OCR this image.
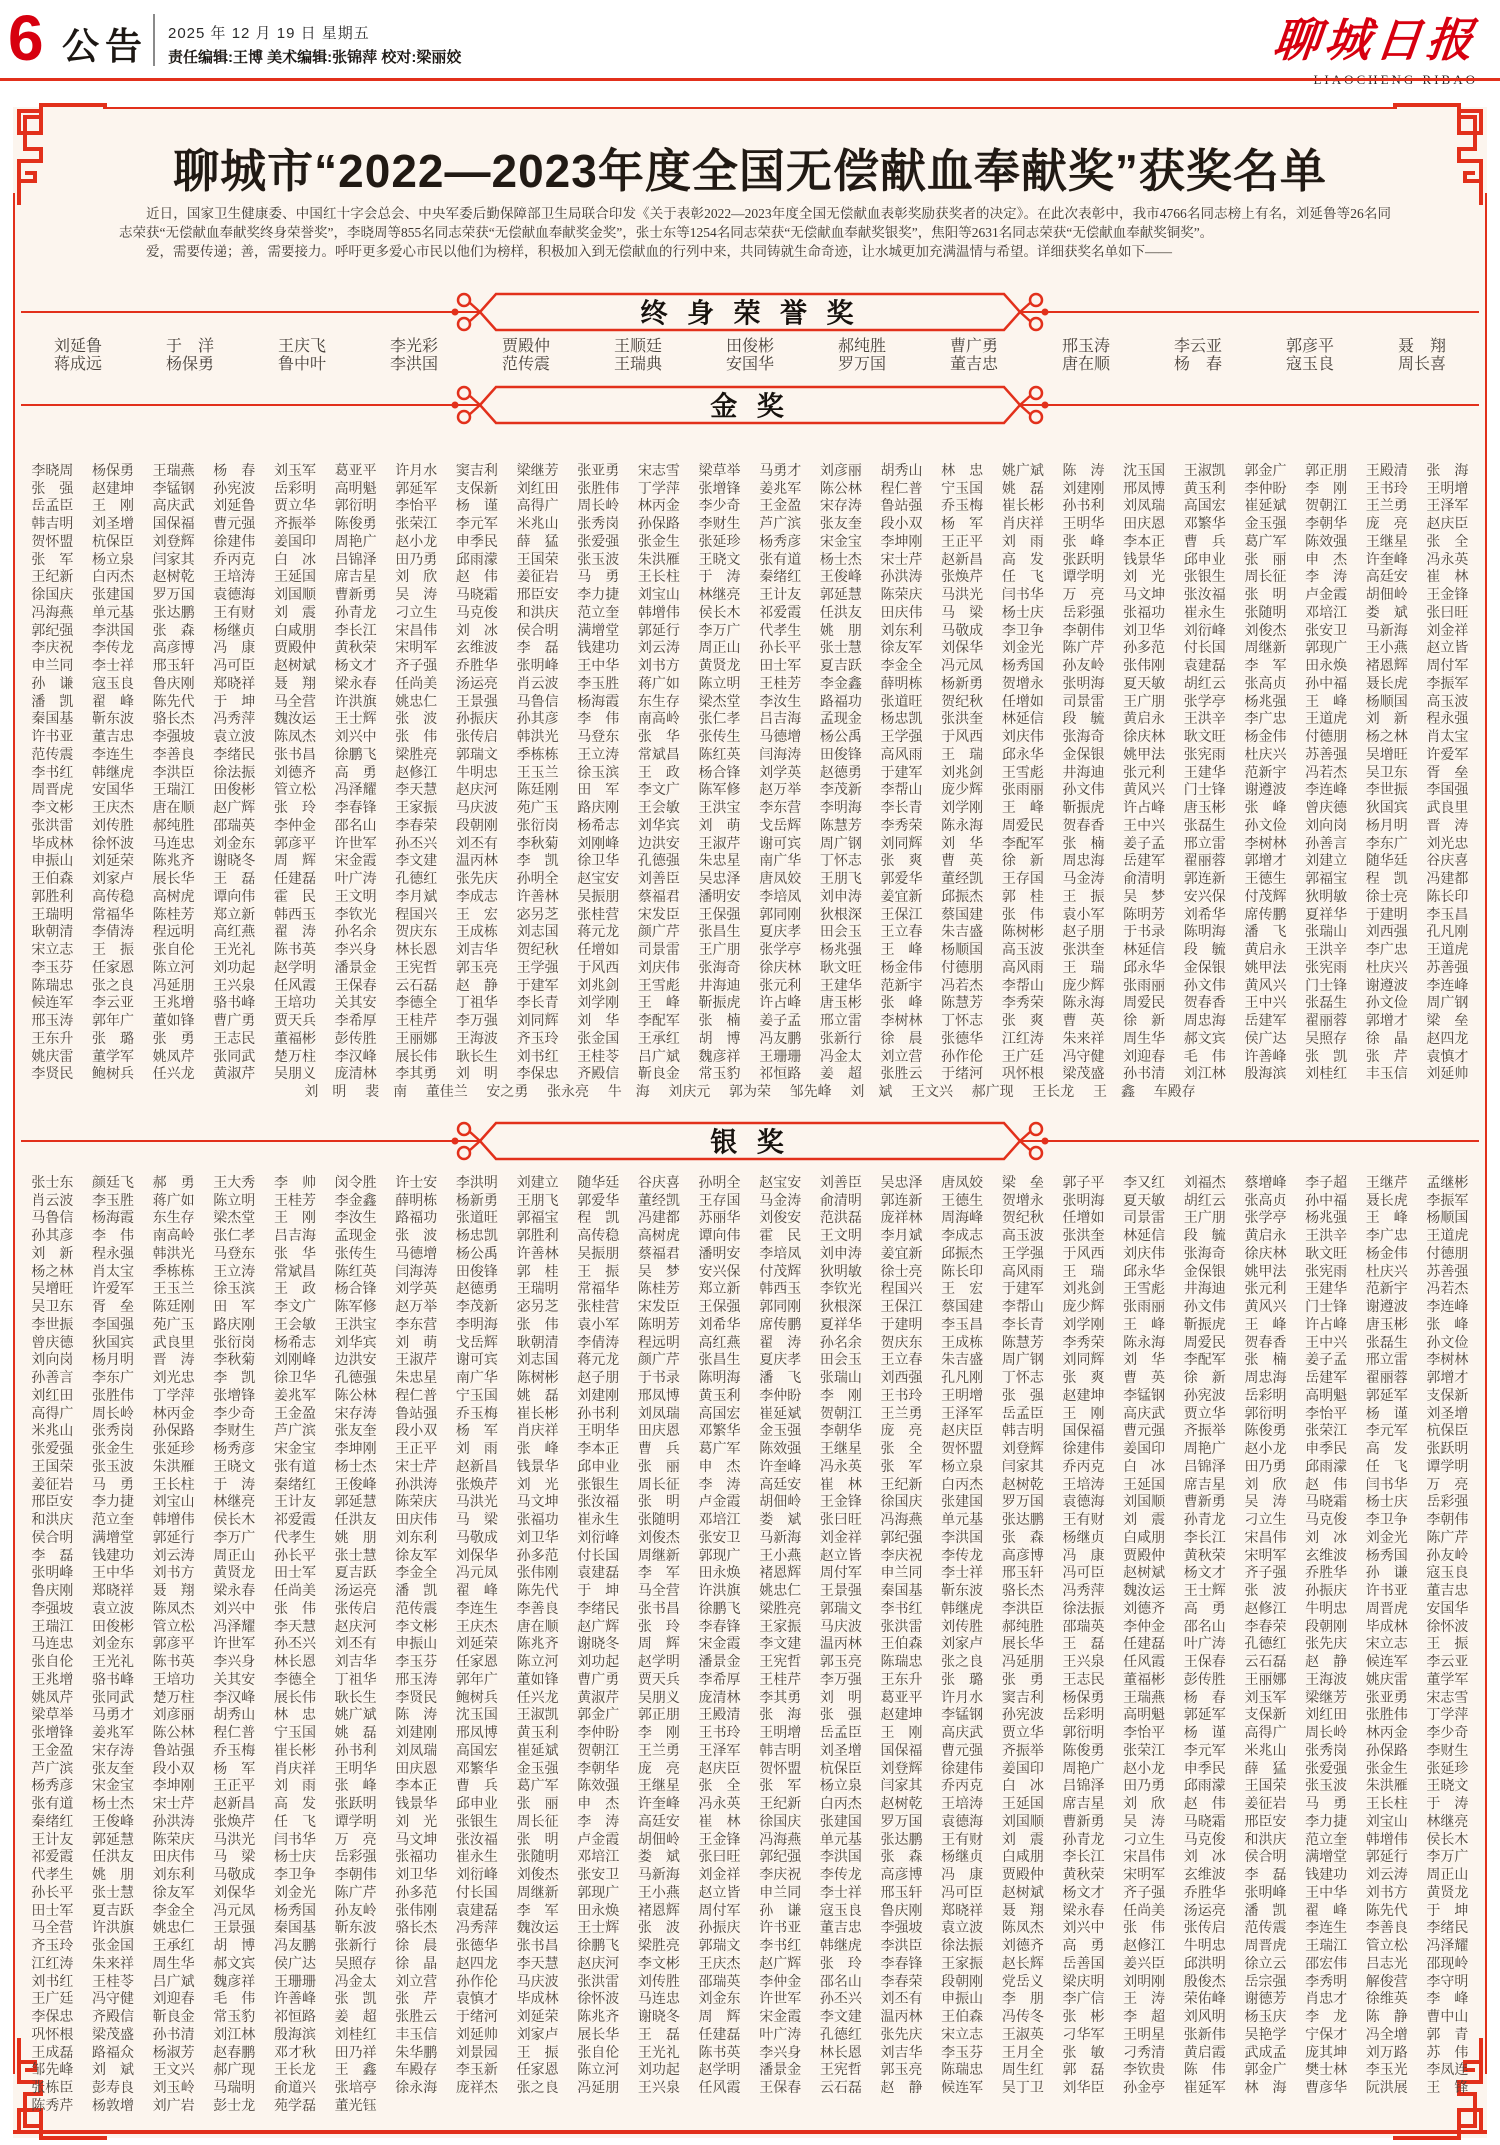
6 公告 2025 年 12 月 19 日 星期五
责任编辑:王博 美术编辑:张锦萍 校对:梁丽姣	聊城日报
聊城市“2022—2023年度全国无偿献血奉献奖”获奖名单

近日，国家卫生健康委、中国红十字会总会、中央军委后勤保障部卫生局联合印发《关于表彰2022—2023年度全国无偿献血表彰奖励获奖者的决定》。在此次表彰中，我市4766名同志榜上有名，刘延鲁等26名同志荣获“无偿献血奉献奖终身荣誉奖”，李晓周等855名同志荣获“无偿献血奉献奖金奖”，张士东等1254名同志荣获“无偿献血奉献奖银奖”，焦阳等2631名同志荣获“无偿献血奉献奖铜奖”。

爱，需要传递；善，需要接力。呼吁更多爱心市民以他们为榜样，积极加入到无偿献血的行列中来，共同铸就生命奇迹，让水城更加充满温情与希望。详细获奖名单如下——

终 身 荣 誉 奖
刘延鲁	于 洋	王庆飞	李光彩	贾殿仲	王顺廷	田俊彬	郝纯胜	曹广勇	邢玉涛	李云亚	郭彦平	聂 翔
蒋成远	杨保勇	鲁中叶	李洪国	范传震	王瑞典	安国华	罗万国	董吉忠	唐在顺	杨 春	寇玉良	周长喜
金 奖
李晓周 杨保勇 王瑞燕 杨 春 刘玉军 葛亚平 许月水 窦吉利 梁继芳 张亚勇 宋志雪 梁草举 马勇才 刘彦丽 胡秀山 林 忠 姚广斌 陈 涛 沈玉国 王淑凯 郭金广 郭正朋 王殿清 张 海
张 强 赵建坤 李锰钢 孙宪波 岳彩明 高明魁 郭延军 支保新 刘红田 张胜伟 丁学萍 张增锋 姜兆军 陈公林 程仁普 宁玉国 姚 磊 刘建刚 邢凤博 黄玉利 李仲盼 李 刚 王书玲 王明增
岳孟臣 王 刚 高庆武 刘延鲁 贾立华 郭衍明 李怡平 杨 谨 高得广 周长岭 林丙金 李少奇 王金盈 宋存涛 鲁站强 乔玉梅 崔长彬 孙书利 刘凤瑞 高国宏 崔延斌 贺朝江 王兰勇 王泽军
韩吉明 刘圣增 国保福 曹元强 齐振举 陈俊勇 张荣江 李元军 米兆山 张秀岗 孙保路 李财生 芦广滨 张友奎 段小双 杨 军 肖庆祥 王明华 田庆恩 邓繁华 金玉强 李朝华 庞 亮 赵庆臣
贺怀盟 杭保臣 刘登辉 徐建伟 姜国印 周艳广 赵小龙 申季民 薛 猛 张爱强 张金生 张延珍 杨秀彦 宋金宝 李坤刚 王正平 刘 雨 张 峰 李本正 曹 兵 葛广军 陈效强 王继星 张 全
张 军 杨立泉 闫家其 乔丙克 白 冰 吕锦泽 田乃勇 邱雨濛 王国荣 张玉波 朱洪雁 王晓文 张有道 杨士杰 宋士芹 赵新昌 高 发 张跃明 钱景华 邱申业 张 丽 申 杰 许奎峰 冯永英
王纪新 白丙杰 赵树乾 王培涛 王延国 席吉星 刘 欣 赵 伟 姜征岩 马 勇 王长柱 于 涛 秦绪红 王俊峰 孙洪涛 张焕芹 任 飞 谭学明 刘 光 张银生 周长征 李 涛 高廷安 崔 林
徐国庆 张建国 罗万国 袁德海 刘国顺 曹新勇 吴 涛 马晓霜 邢臣安 李力捷 刘宝山 林继亮 王计友 郭延慧 陈荣庆 马洪光 闫书华 万 亮 马文坤 张汝福 张 明 卢金霞 胡佃岭 王金锋
冯海燕 单元基 张达鹏 王有财 刘 震 孙青龙 刁立生 马克俊 和洪庆 范立奎 韩增伟 侯长木 祁爱霞 任洪友 田庆伟 马 梁 杨士庆 岳彩强 张福功 崔永生 张随明 邓培江 娄 斌 张曰旺
郭纪强 李洪国 张 森 杨继贞 白咸朋 李长江 宋昌伟 刘 冰 侯合明 满增堂 郭延行 李万广 代孝生 姚 朋 刘东利 马敬成 李卫争 李朝伟 刘卫华 刘衍峰 刘俊杰 张安卫 马新海 刘金祥
李庆祝 李传龙 高彦博 冯 康 贾殿仲 黄秋荣 宋明军 玄维波 李 磊 钱建功 刘云涛 周正山 孙长平 张士慧 徐友军 刘保华 刘金光 陈广芹 孙多范 付长国 周继新 郭现广 王小燕 赵立皆
申兰同 李士祥 邢玉轩 冯可臣 赵树斌 杨文才 齐子强 乔胜华 张明峰 王中华 刘书方 黄贤龙 田士军 夏吉跃 李金全 冯元凤 杨秀国 孙友岭 张伟刚 袁建磊 李 军 田永焕 褚恩辉 周付军
孙 谦 寇玉良 鲁庆刚 郑晓祥 聂 翔 梁永春 任尚美 汤运亮 肖云波 李玉胜 蒋广如 陈立明 王桂芳 李金鑫 薛明栋 杨新勇 贺增永 张明海 夏天敏 胡红云 张高贞 孙中福 聂长虎 李振军
潘 凯 翟 峰 陈先代 于 坤 马全营 许洪旗 姚忠仁 王景强 马鲁信 杨海霞 东生存 梁杰堂 李汝生 路福功 张道旺 贺纪秋 任增如 司景雷 王广朋 张学亭 杨兆强 王 峰 杨顺国 高玉波
秦国基 靳东波 骆长杰 冯秀萍 魏汝运 王士辉 张 波 孙振庆 孙其彦 李 伟 南高岭 张仁孝 吕吉海 孟现金 杨忠凯 张洪奎 林延信 段 毓 黄启永 王洪辛 李广忠 王道虎 刘 新 程永强
许书亚 董吉忠 李强坡 袁立波 陈凤杰 刘兴中 张 伟 张传启 韩洪光 马登东 张 华 张传生 马德增 杨公禹 王学强 于风西 刘庆伟 张海奇 徐庆林 耿文旺 杨金伟 付德朋 杨之林 肖太宝
范传震 李连生 李善良 李绪民 张书昌 徐鹏飞 梁胜亮 郭瑞文 季栋栋 王立涛 常斌昌 陈红英 闫海涛 田俊锋 高风雨 王 瑞 邱永华 金保银 姚甲法 张宪雨 杜庆兴 苏善强 吴增旺 许爱军
李书红 韩继虎 李洪臣 徐法振 刘德齐 高 勇 赵修江 牛明忠 王玉兰 徐玉滨 王 政 杨合锋 刘学英 赵德勇 于建军 刘兆剑 王雪彪 井海迪 张元利 王建华 范新宇 冯若杰 吴卫东 胥 垒
周晋虎 安国华 王瑞江 田俊彬 管立松 冯泽耀 李天慧 赵庆河 陈廷刚 田 军 李文广 陈军修 赵万举 李茂新 李帮山 庞少辉 张雨丽 孙文伟 黄风兴 门士锋 谢遵波 李连峰 李世振 李国强
李文彬 王庆杰 唐在顺 赵广辉 张 玲 李春锋 王家振 马庆波 苑广玉 路庆刚 王会敏 王洪宝 李东营 李明海 李长青 刘学刚 王 峰 靳振虎 许占峰 唐玉彬 张 峰 曾庆德 狄国宾 武良里
张洪雷 刘传胜 郝纯胜 邵瑞英 李仲金 邵名山 李春荣 段朝刚 张衍岗 杨希志 刘华宾 刘 萌 戈岳辉 陈慧芳 李秀荣 陈永海 周爱民 贺春香 王中兴 张磊生 孙文俭 刘向岗 杨月明 晋 涛
毕成林 徐怀波 马连忠 刘金东 郭彦平 许世军 孙丕兴 刘丕有 李秋菊 刘刚峰 边洪安 王淑芹 谢可宾 周广钢 刘同辉 刘 华 李配军 张 楠 姜子孟 邢立雷 李树林 孙善言 李东广 刘光忠
申振山 刘延荣 陈兆齐 谢晓冬 周 辉 宋金霞 李文建 温丙林 李 凯 徐卫华 孔德强 朱忠星 南广华 丁怀志 张 爽 曹 英 徐 新 周忠海 岳建军 翟丽蓉 郭增才 刘建立 随华廷 谷庆喜
王伯森 刘家卢 展长华 王 磊 任建磊 叶广涛 孔德红 张先庆 孙明全 赵宝安 刘善臣 吴忠泽 唐凤姣 王朋飞 郭爱华 董经凯 王存国 马金涛 俞清明 郭连新 王德生 郭福宝 程 凯 冯建都
郭胜利 高传稳 高树虎 谭向伟 霍 民 王文明 李月斌 李成志 许善林 吴振朋 蔡福君 潘明安 李培凤 刘申涛 姜宜新 邱振杰 郭 桂 王 振 吴 梦 安兴保 付茂辉 狄明敏 徐士亮 陈长印
王瑞明 常福华 陈桂芳 郑立新 韩西玉 李钦光 程国兴 王 宏 宓另芝 张桂营 宋发臣 王保强 郭同刚 狄根深 王保江 蔡国建 张 伟 袁小军 陈明芳 刘希华 席传鹏 夏祥华 于建明 李玉昌
耿朝清 李倩涛 程远明 高红燕 翟 涛 孙名余 贺庆东 王成栋 刘志国 蒋元龙 颜广芹 张昌生 夏庆孝 田会玉 王立春 朱吉盛 陈树彬 赵子朋 于书录 陈明海 潘 飞 张瑞山 刘西强 孔凡刚
宋立志 王 振 张自伦 王光礼 陈书英 李兴身 林长恩 刘吉华 贺纪秋 任增如 司景雷 王广朋 张学亭 杨兆强 王 峰 杨顺国 高玉波 张洪奎 林延信 段 毓 黄启永 王洪辛 李广忠 王道虎
李玉芬 任家恩 陈立河 刘功起 赵学明 潘景金 王宪哲 郭玉亮 王学强 于风西 刘庆伟 张海奇 徐庆林 耿文旺 杨金伟 付德朋 高风雨 王 瑞 邱永华 金保银 姚甲法 张宪雨 杜庆兴 苏善强
陈瑞忠 张之良 冯延朋 王兴泉 任风霞 王保春 云石磊 赵 静 于建军 刘兆剑 王雪彪 井海迪 张元利 王建华 范新宇 冯若杰 李帮山 庞少辉 张雨丽 孙文伟 黄风兴 门士锋 谢遵波 李连峰
候连军 李云亚 王兆增 骆书峰 王培功 关其安 李德全 丁祖华 李长青 刘学刚 王 峰 靳振虎 许占峰 唐玉彬 张 峰 陈慧芳 李秀荣 陈永海 周爱民 贺春香 王中兴 张磊生 孙文俭 周广钢
邢玉涛 郭年广 董如锋 曹广勇 贾天兵 李希厚 王桂芹 李万强 刘同辉 刘 华 李配军 张 楠 姜子孟 邢立雷 李树林 丁怀志 张 爽 曹 英 徐 新 周忠海 岳建军 翟丽蓉 郭增才 梁 垒
王东升 张 璐 张 勇 王志民 董福彬 彭传胜 王丽娜 王海波 齐玉玲 张金国 王承红 胡 博 冯友鹏 张新行 徐 晨 张德华 江红涛 朱来祥 周生华 郝文宾 侯广达 吴照存 徐 晶 赵四龙
姚庆雷 董学军 姚凤芹 张同武 楚万柱 李汉峰 展长伟 耿长生 刘书红 王桂苓 吕广斌 魏彦祥 王珊珊 冯金太 刘立营 孙作伦 王广廷 冯守健 刘迎春 毛 伟 许善峰 张 凯 张 芹 袁慎才
李贤民 鲍树兵 任兴龙 黄淑芹 吴朋义 庞清林 李其勇 刘 明 李保忠 齐殿信 靳良金 常玉豹 祁恒路 姜 超 张胜云 于绪河 巩怀根 梁茂盛 孙书清 刘江林 殷海滨 刘桂红 丰玉信 刘延帅
刘 明 裴 南 董佳兰 安之勇 张永亮 牛 海 刘庆元 郭为荣 邹先峰 刘 斌 王文兴 郝广现 王长龙 王 鑫 车殿存
银 奖
张士东 颜廷飞 郝 勇 王大秀 李 帅 闵令胜 许士安 李洪明 刘建立 随华廷 谷庆喜 孙明全 赵宝安 刘善臣 吴忠泽 唐凤姣 梁 垒 郭子平 李又红 刘福杰 蔡增峰 李子超 王继芹 孟继彬
肖云波 李玉胜 蒋广如 陈立明 王桂芳 李金鑫 薛明栋 杨新勇 王朋飞 郭爱华 董经凯 王存国 马金涛 俞清明 郭连新 王德生 贺增永 张明海 夏天敏 胡红云 张高贞 孙中福 聂长虎 李振军
马鲁信 杨海霞 东生存 梁杰堂 王 刚 李汝生 路福功 张道旺 郭福宝 程 凯 冯建都 苏丽华 刘俊安 范洪磊 庞祥林 周海峰 贺纪秋 任增如 司景雷 王广朋 张学亭 杨兆强 王 峰 杨顺国
孙其彦 李 伟 南高岭 张仁孝 吕吉海 孟现金 张 波 杨忠凯 郭胜利 高传稳 高树虎 谭向伟 霍 民 王文明 李月斌 李成志 高玉波 张洪奎 林延信 段 毓 黄启永 王洪辛 李广忠 王道虎
刘 新 程永强 韩洪光 马登东 张 华 张传生 马德增 杨公禹 许善林 吴振朋 蔡福君 潘明安 李培凤 刘申涛 姜宜新 邱振杰 王学强 于风西 刘庆伟 张海奇 徐庆林 耿文旺 杨金伟 付德朋
杨之林 肖太宝 季栋栋 王立涛 常斌昌 陈红英 闫海涛 田俊锋 郭 桂 王 振 吴 梦 安兴保 付茂辉 狄明敏 徐士亮 陈长印 高风雨 王 瑞 邱永华 金保银 姚甲法 张宪雨 杜庆兴 苏善强
吴增旺 许爱军 王玉兰 徐玉滨 王 政 杨合锋 刘学英 赵德勇 王瑞明 常福华 陈桂芳 郑立新 韩西玉 李钦光 程国兴 王 宏 于建军 刘兆剑 王雪彪 井海迪 张元利 王建华 范新宇 冯若杰
吴卫东 胥 垒 陈廷刚 田 军 李文广 陈军修 赵万举 李茂新 宓另芝 张桂营 宋发臣 王保强 郭同刚 狄根深 王保江 蔡国建 李帮山 庞少辉 张雨丽 孙文伟 黄风兴 门士锋 谢遵波 李连峰
李世振 李国强 苑广玉 路庆刚 王会敏 王洪宝 李东营 李明海 张 伟 袁小军 陈明芳 刘希华 席传鹏 夏祥华 于建明 李玉昌 李长青 刘学刚 王 峰 靳振虎 王 峰 许占峰 唐玉彬 张 峰
曾庆德 狄国宾 武良里 张衍岗 杨希志 刘华宾 刘 萌 戈岳辉 耿朝清 李倩涛 程远明 高红燕 翟 涛 孙名余 贺庆东 王成栋 陈慧芳 李秀荣 陈永海 周爱民 贺春香 王中兴 张磊生 孙文俭
刘向岗 杨月明 晋 涛 李秋菊 刘刚峰 边洪安 王淑芹 谢可宾 刘志国 蒋元龙 颜广芹 张昌生 夏庆孝 田会玉 王立春 朱吉盛 周广钢 刘同辉 刘 华 李配军 张 楠 姜子孟 邢立雷 李树林
孙善言 李东广 刘光忠 李 凯 徐卫华 孔德强 朱忠星 南广华 陈树彬 赵子朋 于书录 陈明海 潘 飞 张瑞山 刘西强 孔凡刚 丁怀志 张 爽 曹 英 徐 新 周忠海 岳建军 翟丽蓉 郭增才
刘红田 张胜伟 丁学萍 张增锋 姜兆军 陈公林 程仁普 宁玉国 姚 磊 刘建刚 邢凤博 黄玉利 李仲盼 李 刚 王书玲 王明增 张 强 赵建坤 李锰钢 孙宪波 岳彩明 高明魁 郭延军 支保新
高得广 周长岭 林丙金 李少奇 王金盈 宋存涛 鲁站强 乔玉梅 崔长彬 孙书利 刘凤瑞 高国宏 崔延斌 贺朝江 王兰勇 王泽军 岳孟臣 王 刚 高庆武 贾立华 郭衍明 李怡平 杨 谨 刘圣增
米兆山 张秀岗 孙保路 李财生 芦广滨 张友奎 段小双 杨 军 肖庆祥 王明华 田庆恩 邓繁华 金玉强 李朝华 庞 亮 赵庆臣 韩吉明 国保福 曹元强 齐振举 陈俊勇 张荣江 李元军 杭保臣
张爱强 张金生 张延珍 杨秀彦 宋金宝 李坤刚 王正平 刘 雨 张 峰 李本正 曹 兵 葛广军 陈效强 王继星 张 全 贺怀盟 刘登辉 徐建伟 姜国印 周艳广 赵小龙 申季民 高 发 张跃明
王国荣 张玉波 朱洪雁 王晓文 张有道 杨士杰 宋士芹 赵新昌 钱景华 邱申业 张 丽 申 杰 许奎峰 冯永英 张 军 杨立泉 闫家其 乔丙克 白 冰 吕锦泽 田乃勇 邱雨濛 任 飞 谭学明
姜征岩 马 勇 王长柱 于 涛 秦绪红 王俊峰 孙洪涛 张焕芹 刘 光 张银生 周长征 李 涛 高廷安 崔 林 王纪新 白丙杰 赵树乾 王培涛 王延国 席吉星 刘 欣 赵 伟 闫书华 万 亮
邢臣安 李力捷 刘宝山 林继亮 王计友 郭延慧 陈荣庆 马洪光 马文坤 张汝福 张 明 卢金霞 胡佃岭 王金锋 徐国庆 张建国 罗万国 袁德海 刘国顺 曹新勇 吴 涛 马晓霜 杨士庆 岳彩强
和洪庆 范立奎 韩增伟 侯长木 祁爱霞 任洪友 田庆伟 马 梁 张福功 崔永生 张随明 邓培江 娄 斌 张曰旺 冯海燕 单元基 张达鹏 王有财 刘 震 孙青龙 刁立生 马克俊 李卫争 李朝伟
侯合明 满增堂 郭延行 李万广 代孝生 姚 朋 刘东利 马敬成 刘卫华 刘衍峰 刘俊杰 张安卫 马新海 刘金祥 郭纪强 李洪国 张 森 杨继贞 白咸朋 李长江 宋昌伟 刘 冰 刘金光 陈广芹
李 磊 钱建功 刘云涛 周正山 孙长平 张士慧 徐友军 刘保华 孙多范 付长国 周继新 郭现广 王小燕 赵立皆 李庆祝 李传龙 高彦博 冯 康 贾殿仲 黄秋荣 宋明军 玄维波 杨秀国 孙友岭
张明峰 王中华 刘书方 黄贤龙 田士军 夏吉跃 李金全 冯元凤 张伟刚 袁建磊 李 军 田永焕 褚恩辉 周付军 申兰同 李士祥 邢玉轩 冯可臣 赵树斌 杨文才 齐子强 乔胜华 孙 谦 寇玉良
鲁庆刚 郑晓祥 聂 翔 梁永春 任尚美 汤运亮 潘 凯 翟 峰 陈先代 于 坤 马全营 许洪旗 姚忠仁 王景强 秦国基 靳东波 骆长杰 冯秀萍 魏汝运 王士辉 张 波 孙振庆 许书亚 董吉忠
李强坡 袁立波 陈凤杰 刘兴中 张 伟 张传启 范传震 李连生 李善良 李绪民 张书昌 徐鹏飞 梁胜亮 郭瑞文 李书红 韩继虎 李洪臣 徐法振 刘德齐 高 勇 赵修江 牛明忠 周晋虎 安国华
王瑞江 田俊彬 管立松 冯泽耀 李天慧 赵庆河 李文彬 王庆杰 唐在顺 赵广辉 张 玲 李春锋 王家振 马庆波 张洪雷 刘传胜 郝纯胜 邵瑞英 李仲金 邵名山 李春荣 段朝刚 毕成林 徐怀波
马连忠 刘金东 郭彦平 许世军 孙丕兴 刘丕有 申振山 刘延荣 陈兆齐 谢晓冬 周 辉 宋金霞 李文建 温丙林 王伯森 刘家卢 展长华 王 磊 任建磊 叶广涛 孔德红 张先庆 宋立志 王 振
张自伦 王光礼 陈书英 李兴身 林长恩 刘吉华 李玉芬 任家恩 陈立河 刘功起 赵学明 潘景金 王宪哲 郭玉亮 陈瑞忠 张之良 冯延朋 王兴泉 任风霞 王保春 云石磊 赵 静 候连军 李云亚
王兆增 骆书峰 王培功 关其安 李德全 丁祖华 邢玉涛 郭年广 董如锋 曹广勇 贾天兵 李希厚 王桂芹 李万强 王东升 张 璐 张 勇 王志民 董福彬 彭传胜 王丽娜 王海波 姚庆雷 董学军
姚凤芹 张同武 楚万柱 李汉峰 展长伟 耿长生 李贤民 鲍树兵 任兴龙 黄淑芹 吴朋义 庞清林 李其勇 刘 明 葛亚平 许月水 窦吉利 杨保勇 王瑞燕 杨 春 刘玉军 梁继芳 张亚勇 宋志雪
梁草举 马勇才 刘彦丽 胡秀山 林 忠 姚广斌 陈 涛 沈玉国 王淑凯 郭金广 郭正朋 王殿清 张 海 张 强 赵建坤 李锰钢 孙宪波 岳彩明 高明魁 郭延军 支保新 刘红田 张胜伟 丁学萍
张增锋 姜兆军 陈公林 程仁普 宁玉国 姚 磊 刘建刚 邢凤博 黄玉利 李仲盼 李 刚 王书玲 王明增 岳孟臣 王 刚 高庆武 贾立华 郭衍明 李怡平 杨 谨 高得广 周长岭 林丙金 李少奇
王金盈 宋存涛 鲁站强 乔玉梅 崔长彬 孙书利 刘凤瑞 高国宏 崔延斌 贺朝江 王兰勇 王泽军 韩吉明 刘圣增 国保福 曹元强 齐振举 陈俊勇 张荣江 李元军 米兆山 张秀岗 孙保路 李财生
芦广滨 张友奎 段小双 杨 军 肖庆祥 王明华 田庆恩 邓繁华 金玉强 李朝华 庞 亮 赵庆臣 贺怀盟 杭保臣 刘登辉 徐建伟 姜国印 周艳广 赵小龙 申季民 薛 猛 张爱强 张金生 张延珍
杨秀彦 宋金宝 李坤刚 王正平 刘 雨 张 峰 李本正 曹 兵 葛广军 陈效强 王继星 张 全 张 军 杨立泉 闫家其 乔丙克 白 冰 吕锦泽 田乃勇 邱雨濛 王国荣 张玉波 朱洪雁 王晓文
张有道 杨士杰 宋士芹 赵新昌 高 发 张跃明 钱景华 邱申业 张 丽 申 杰 许奎峰 冯永英 王纪新 白丙杰 赵树乾 王培涛 王延国 席吉星 刘 欣 赵 伟 姜征岩 马 勇 王长柱 于 涛
秦绪红 王俊峰 孙洪涛 张焕芹 任 飞 谭学明 刘 光 张银生 周长征 李 涛 高廷安 崔 林 徐国庆 张建国 罗万国 袁德海 刘国顺 曹新勇 吴 涛 马晓霜 邢臣安 李力捷 刘宝山 林继亮
王计友 郭延慧 陈荣庆 马洪光 闫书华 万 亮 马文坤 张汝福 张 明 卢金霞 胡佃岭 王金锋 冯海燕 单元基 张达鹏 王有财 刘 震 孙青龙 刁立生 马克俊 和洪庆 范立奎 韩增伟 侯长木
祁爱霞 任洪友 田庆伟 马 梁 杨士庆 岳彩强 张福功 崔永生 张随明 邓培江 娄 斌 张曰旺 郭纪强 李洪国 张 森 杨继贞 白咸朋 李长江 宋昌伟 刘 冰 侯合明 满增堂 郭延行 李万广
代孝生 姚 朋 刘东利 马敬成 李卫争 李朝伟 刘卫华 刘衍峰 刘俊杰 张安卫 马新海 刘金祥 李庆祝 李传龙 高彦博 冯 康 贾殿仲 黄秋荣 宋明军 玄维波 李 磊 钱建功 刘云涛 周正山
孙长平 张士慧 徐友军 刘保华 刘金光 陈广芹 孙多范 付长国 周继新 郭现广 王小燕 赵立皆 申兰同 李士祥 邢玉轩 冯可臣 赵树斌 杨文才 齐子强 乔胜华 张明峰 王中华 刘书方 黄贤龙
田士军 夏吉跃 李金全 冯元凤 杨秀国 孙友岭 张伟刚 袁建磊 李 军 田永焕 褚恩辉 周付军 孙 谦 寇玉良 鲁庆刚 郑晓祥 聂 翔 梁永春 任尚美 汤运亮 潘 凯 翟 峰 陈先代 于 坤
马全营 许洪旗 姚忠仁 王景强 秦国基 靳东波 骆长杰 冯秀萍 魏汝运 王士辉 张 波 孙振庆 许书亚 董吉忠 李强坡 袁立波 陈凤杰 刘兴中 张 伟 张传启 范传震 李连生 李善良 李绪民
齐玉玲 张金国 王承红 胡 博 冯友鹏 张新行 徐 晨 张德华 张书昌 徐鹏飞 梁胜亮 郭瑞文 李书红 韩继虎 李洪臣 徐法振 刘德齐 高 勇 赵修江 牛明忠 周晋虎 王瑞江 管立松 冯泽耀
江红涛 朱来祥 周生华 郝文宾 侯广达 吴照存 徐 晶 赵四龙 李天慧 赵庆河 李文彬 王庆杰 赵广辉 张 玲 李春锋 王家振 赵长辉 岳善国 姜兴臣 邱洪明 徐立云 邵宏伟 吕志光 邵现岭
刘书红 王桂苓 吕广斌 魏彦祥 王珊珊 冯金太 刘立营 孙作伦 马庆波 张洪雷 刘传胜 邵瑞英 李仲金 邵名山 李春荣 段朝刚 党岳义 梁庆明 刘明刚 殷俊杰 岳宗强 李秀明 解俊营 李守明
王广廷 冯守健 刘迎春 毛 伟 许善峰 张 凯 张 芹 袁慎才 毕成林 徐怀波 马连忠 刘金东 许世军 孙丕兴 刘丕有 申振山 李 朋 李广信 王 涛 荣佑峰 谢德芳 肖忠才 徐维英 李 峰
李保忠 齐殿信 靳良金 常玉豹 祁恒路 姜 超 张胜云 于绪河 刘延荣 陈兆齐 谢晓冬 周 辉 宋金霞 李文建 温丙林 王伯森 冯传冬 张 彬 李 超 刘风明 杨玉庆 李 龙 陈 静 曹中山
巩怀根 梁茂盛 孙书清 刘江林 殷海滨 刘桂红 丰玉信 刘延帅 刘家卢 展长华 王 磊 任建磊 叶广涛 孔德红 张先庆 宋立志 王淑英 刁华军 王明星 张新伟 吴艳学 宁保才 冯全增 郭 青
王成磊 路福众 杨淑芳 赵春鹏 邓才秋 田乃祥 朱华鹏 刘景园 王 振 张自伦 王光礼 陈书英 李兴身 林长恩 刘吉华 李玉芬 王月全 张 敏 刁秀清 黄启霞 武成孟 庞其坤 刘万路 苏 伟
邹先峰 刘 斌 王文兴 郝广现 王长龙 王 鑫 车殿存 李玉新 任家恩 陈立河 刘功起 赵学明 潘景金 王宪哲 郭玉亮 陈瑞忠 周生红 郭 磊 李钦贵 陈 伟 郭金广 樊士林 李玉光 李凤连
张栋臣 彭寿良 刘玉岭 马瑞明 俞道兴 张培亭 徐永海 庞祥杰 张之良 冯延朋 王兴泉 任风霞 王保春 云石磊 赵 静 候连军 吴丁卫 刘华臣 孙金亭 崔延军 林 海 曹彦华 阮洪展 王 锋
陈秀芹 杨敦增 刘广岩 彭士龙 苑学磊 董光钰
